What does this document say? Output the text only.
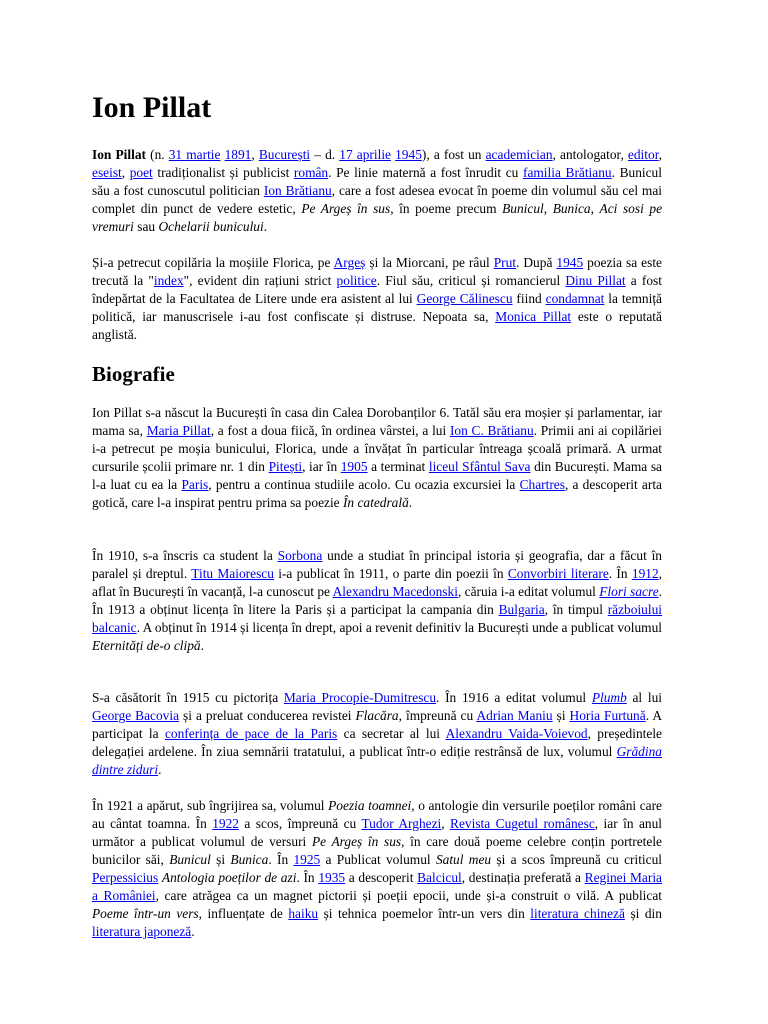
Ion Pillat

Ion Pillat (n. 31 martie 1891, București – d. 17 aprilie 1945), a fost un academician, antologator, editor, eseist, poet tradiționalist și publicist român. Pe linie maternă a fost înrudit cu familia Brătianu. Bunicul său a fost cunoscutul politician Ion Brătianu, care a fost adesea evocat în poeme din volumul său cel mai complet din punct de vedere estetic, Pe Argeș în sus, în poeme precum Bunicul, Bunica, Aci sosi pe vremuri sau Ochelarii bunicului.

Și-a petrecut copilăria la moșiile Florica, pe Argeș și la Miorcani, pe râul Prut. După 1945 poezia sa este trecută la "index", evident din rațiuni strict politice. Fiul său, criticul și romancierul Dinu Pillat a fost îndepărtat de la Facultatea de Litere unde era asistent al lui George Călinescu fiind condamnat la temniță politică, iar manuscrisele i-au fost confiscate și distruse. Nepoata sa, Monica Pillat este o reputată anglistă.

Biografie

Ion Pillat s-a născut la București în casa din Calea Dorobanților 6. Tatăl său era moșier și parlamentar, iar mama sa, Maria Pillat, a fost a doua fiică, în ordinea vârstei, a lui Ion C. Brătianu. Primii ani ai copilăriei i-a petrecut pe moșia bunicului, Florica, unde a învățat în particular întreaga școală primară. A urmat cursurile școlii primare nr. 1 din Pitești, iar în 1905 a terminat liceul Sfântul Sava din București. Mama sa l-a luat cu ea la Paris, pentru a continua studiile acolo. Cu ocazia excursiei la Chartres, a descoperit arta gotică, care l-a inspirat pentru prima sa poezie În catedrală.

În 1910, s-a înscris ca student la Sorbona unde a studiat în principal istoria și geografia, dar a făcut în paralel și dreptul. Titu Maiorescu i-a publicat în 1911, o parte din poezii în Convorbiri literare. În 1912, aflat în București în vacanță, l-a cunoscut pe Alexandru Macedonski, căruia i-a editat volumul Flori sacre. În 1913 a obținut licența în litere la Paris și a participat la campania din Bulgaria, în timpul războiului balcanic. A obținut în 1914 și licența în drept, apoi a revenit definitiv la București unde a publicat volumul Eternități de-o clipă.

S-a căsătorit în 1915 cu pictorița Maria Procopie-Dumitrescu. În 1916 a editat volumul Plumb al lui George Bacovia și a preluat conducerea revistei Flacăra, împreună cu Adrian Maniu și Horia Furtună. A participat la conferința de pace de la Paris ca secretar al lui Alexandru Vaida-Voievod, președintele delegației ardelene. În ziua semnării tratatului, a publicat într-o ediție restrânsă de lux, volumul Grădina dintre ziduri.

În 1921 a apărut, sub îngrijirea sa, volumul Poezia toamnei, o antologie din versurile poeților români care au cântat toamna. În 1922 a scos, împreună cu Tudor Arghezi, Revista Cugetul românesc, iar în anul următor a publicat volumul de versuri Pe Argeș în sus, în care două poeme celebre conțin portretele bunicilor săi, Bunicul și Bunica. În 1925 a Publicat volumul Satul meu și a scos împreună cu criticul Perpessicius Antologia poeților de azi. În 1935 a descoperit Balcicul, destinația preferată a Reginei Maria a României, care atrăgea ca un magnet pictorii și poeții epocii, unde și-a construit o vilă. A publicat Poeme într-un vers, influențate de haiku și tehnica poemelor într-un vers din literatura chineză și din literatura japoneză.
